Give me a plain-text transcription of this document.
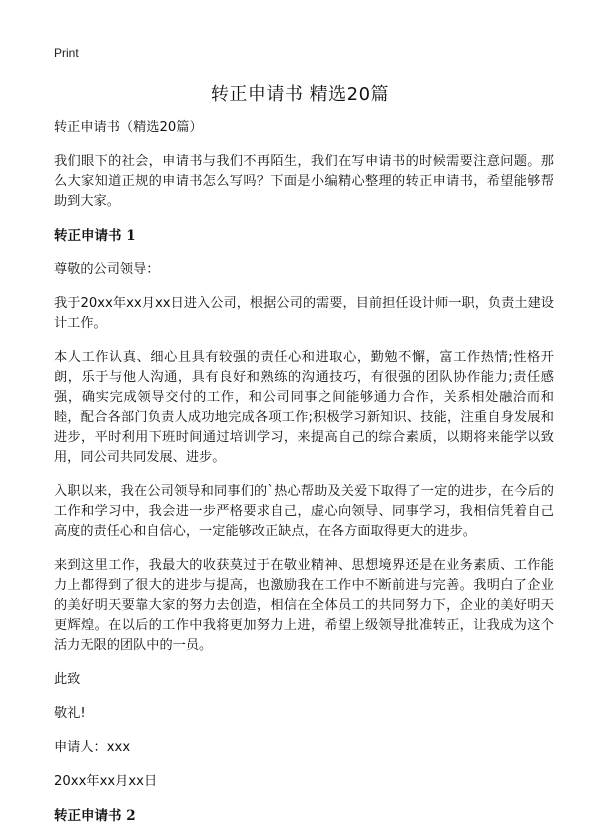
Print
转正申请书 精选20篇

转正申请书（精选20篇）

我们眼下的社会，申请书与我们不再陌生，我们在写申请书的时候需要注意问题。那么大家知道正规的申请书怎么写吗？下面是小编精心整理的转正申请书，希望能够帮助到大家。

转正申请书 1

尊敬的公司领导：

我于20xx年xx月xx日进入公司，根据公司的需要，目前担任设计师一职，负责土建设计工作。

本人工作认真、细心且具有较强的责任心和进取心，勤勉不懈，富工作热情;性格开朗，乐于与他人沟通，具有良好和熟练的沟通技巧，有很强的团队协作能力;责任感强，确实完成领导交付的工作，和公司同事之间能够通力合作，关系相处融洽而和睦，配合各部门负责人成功地完成各项工作;积极学习新知识、技能，注重自身发展和进步，平时利用下班时间通过培训学习，来提高自己的综合素质，以期将来能学以致用，同公司共同发展、进步。

入职以来，我在公司领导和同事们的`热心帮助及关爱下取得了一定的进步，在今后的工作和学习中，我会进一步严格要求自己，虚心向领导、同事学习，我相信凭着自己高度的责任心和自信心，一定能够改正缺点，在各方面取得更大的进步。

来到这里工作，我最大的收获莫过于在敬业精神、思想境界还是在业务素质、工作能力上都得到了很大的进步与提高，也激励我在工作中不断前进与完善。我明白了企业的美好明天要靠大家的努力去创造，相信在全体员工的共同努力下，企业的美好明天更辉煌。在以后的工作中我将更加努力上进，希望上级领导批准转正，让我成为这个活力无限的团队中的一员。

此致

敬礼!

申请人：xxx

20xx年xx月xx日

转正申请书 2
